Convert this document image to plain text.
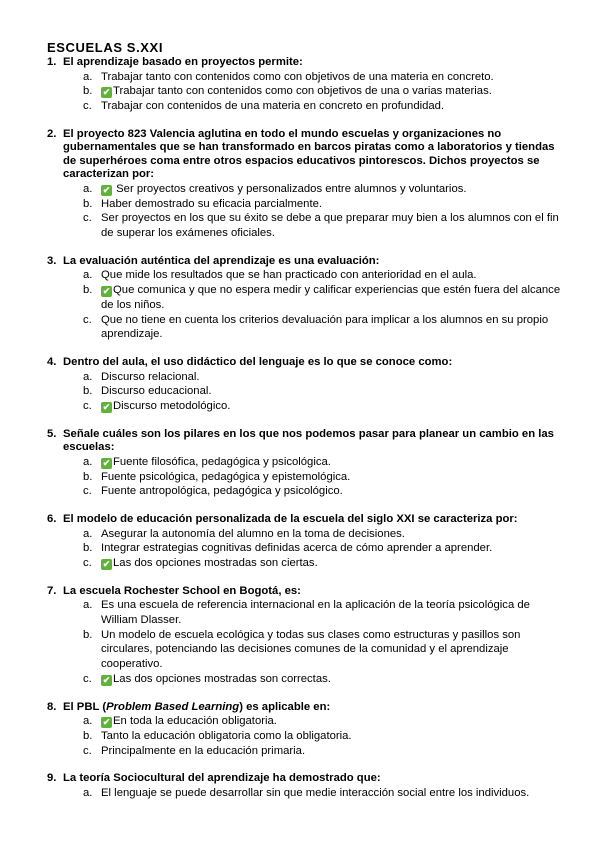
ESCUELAS S.XXI
1. El aprendizaje basado en proyectos permite:
a. Trabajar tanto con contenidos como con objetivos de una materia en concreto.
b.	✔ Trabajar tanto con contenidos como con objetivos de una o varias materias.
c. Trabajar con contenidos de una materia en concreto en profundidad.
2. El proyecto 823 Valencia aglutina en todo el mundo escuelas y organizaciones no gubernamentales que se han transformado en barcos piratas como a laboratorios y tiendas de superhéroes coma entre otros espacios educativos pintorescos. Dichos proyectos se caracterizan por:
a.	✔ Ser proyectos creativos y personalizados entre alumnos y voluntarios.
b. Haber demostrado su eficacia parcialmente.
c. Ser proyectos en los que su éxito se debe a que preparar muy bien a los alumnos con el fin de superar los exámenes oficiales.
3. La evaluación auténtica del aprendizaje es una evaluación:
a. Que mide los resultados que se han practicado con anterioridad en el aula.
b.	✔ Que comunica y que no espera medir y calificar experiencias que estén fuera del alcance de los niños.
c. Que no tiene en cuenta los criterios devaluación para implicar a los alumnos en su propio aprendizaje.
4. Dentro del aula, el uso didáctico del lenguaje es lo que se conoce como:
a. Discurso relacional.
b. Discurso educacional.
c.	✔ Discurso metodológico.
5. Señale cuáles son los pilares en los que nos podemos pasar para planear un cambio en las escuelas:
a.	✔ Fuente filosófica, pedagógica y psicológica.
b. Fuente psicológica, pedagógica y epistemológica.
c. Fuente antropológica, pedagógica y psicológico.
6. El modelo de educación personalizada de la escuela del siglo XXI se caracteriza por:
a. Asegurar la autonomía del alumno en la toma de decisiones.
b. Integrar estrategias cognitivas definidas acerca de cómo aprender a aprender.
c.	✔ Las dos opciones mostradas son ciertas.
7. La escuela Rochester School en Bogotá, es:
a. Es una escuela de referencia internacional en la aplicación de la teoría psicológica de William Dlasser.
b. Un modelo de escuela ecológica y todas sus clases como estructuras y pasillos son circulares, potenciando las decisiones comunes de la comunidad y el aprendizaje cooperativo.
c.	✔ Las dos opciones mostradas son correctas.
8. El PBL (Problem Based Learning) es aplicable en:
a.	✔ En toda la educación obligatoria.
b. Tanto la educación obligatoria como la obligatoria.
c. Principalmente en la educación primaria.
9. La teoría Sociocultural del aprendizaje ha demostrado que:
a. El lenguaje se puede desarrollar sin que medie interacción social entre los individuos.
